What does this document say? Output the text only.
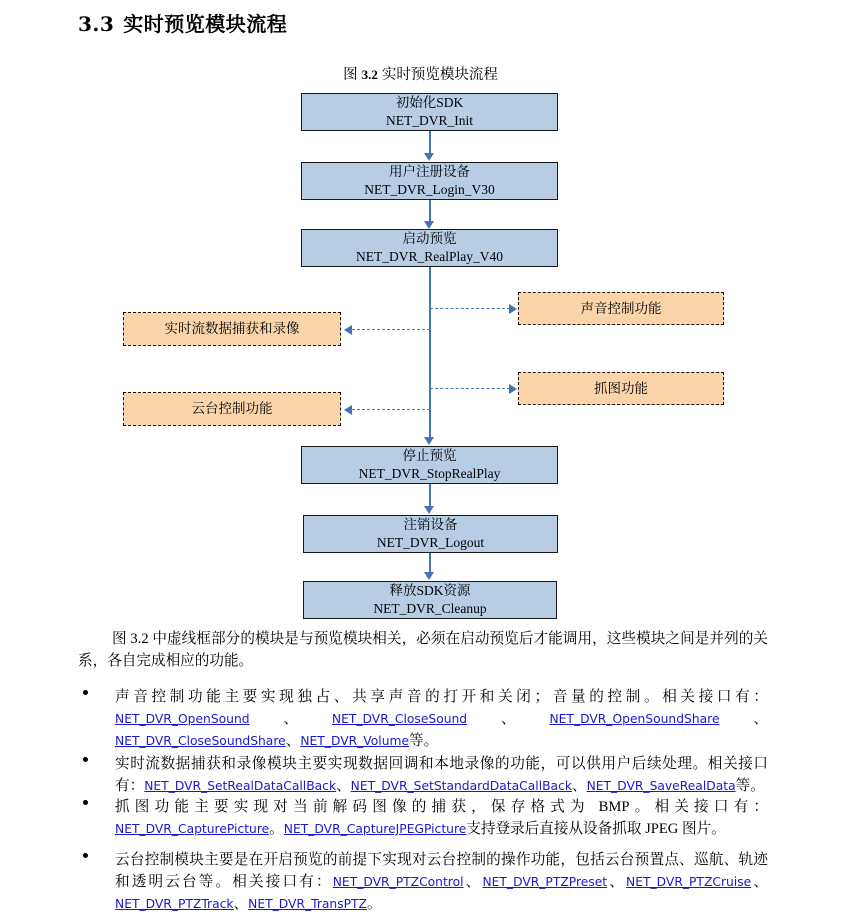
3.3 实时预览模块流程
图 3.2 实时预览模块流程
初始化SDK
NET_DVR_Init
用户注册设备
NET_DVR_Login_V30
启动预览
NET_DVR_RealPlay_V40
停止预览
NET_DVR_StopRealPlay
注销设备
NET_DVR_Logout
释放SDK资源
NET_DVR_Cleanup
声音控制功能
实时流数据捕获和录像
抓图功能
云台控制功能
图 3.2 中虚线框部分的模块是与预览模块相关，必须在启动预览后才能调用，这些模块之间是并列的关系，各自完成相应的功能。
声音控制功能主要实现独占、共享声音的打开和关闭；音量的控制。相关接口有：NET_DVR_OpenSound、NET_DVR_CloseSound、NET_DVR_OpenSoundShare、NET_DVR_CloseSoundShare、NET_DVR_Volume等。
实时流数据捕获和录像模块主要实现数据回调和本地录像的功能，可以供用户后续处理。相关接口有：NET_DVR_SetRealDataCallBack、NET_DVR_SetStandardDataCallBack、NET_DVR_SaveRealData等。
抓图功能主要实现对当前解码图像的捕获，保存格式为 BMP。相关接口有：NET_DVR_CapturePicture。NET_DVR_CaptureJPEGPicture支持登录后直接从设备抓取 JPEG 图片。
云台控制模块主要是在开启预览的前提下实现对云台控制的操作功能，包括云台预置点、巡航、轨迹和透明云台等。相关接口有：NET_DVR_PTZControl、NET_DVR_PTZPreset、NET_DVR_PTZCruise、NET_DVR_PTZTrack、NET_DVR_TransPTZ。
